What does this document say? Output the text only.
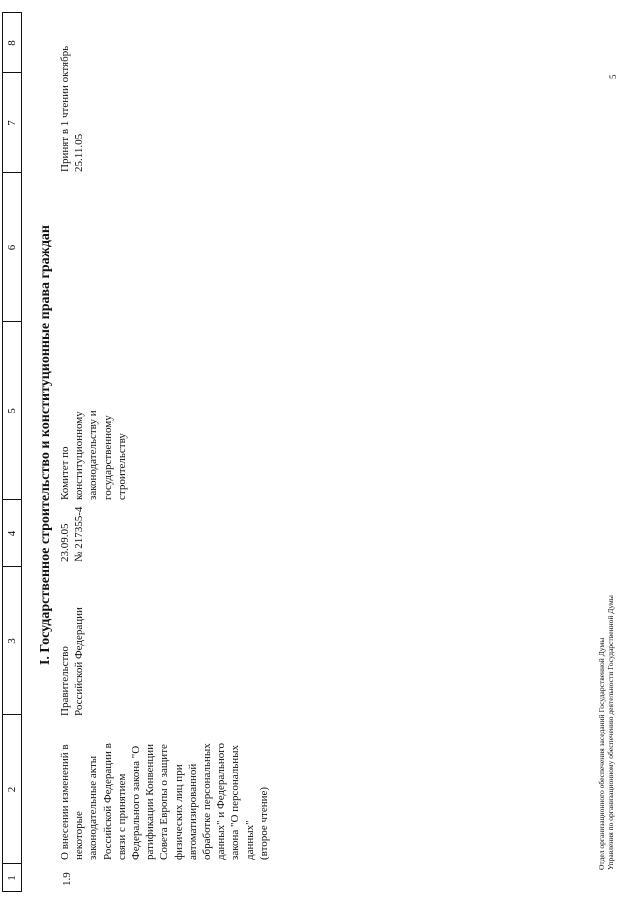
1
2
3
4
5
6
7
8
I. Государственное строительство и конституционные права граждан
1.9
О внесении изменений в
некоторые
законодательные акты
Российской Федерации в
связи с принятием
Федерального закона "О
ратификации Конвенции
Совета Европы о защите
физических лиц при
автоматизированной
обработке персональных
данных" и Федерального
закона "О персональных
данных"
(второе чтение)
Правительство
Российской Федерации
23.09.05
№ 217355-4
Комитет по
конституционному
законодательству и
государственному
строительству
Принят в 1 чтении октябрь
25.11.05
Отдел организационного обеспечения заседаний Государственной Думы Управления по организационному обеспечению деятельности Государственной Думы
5
